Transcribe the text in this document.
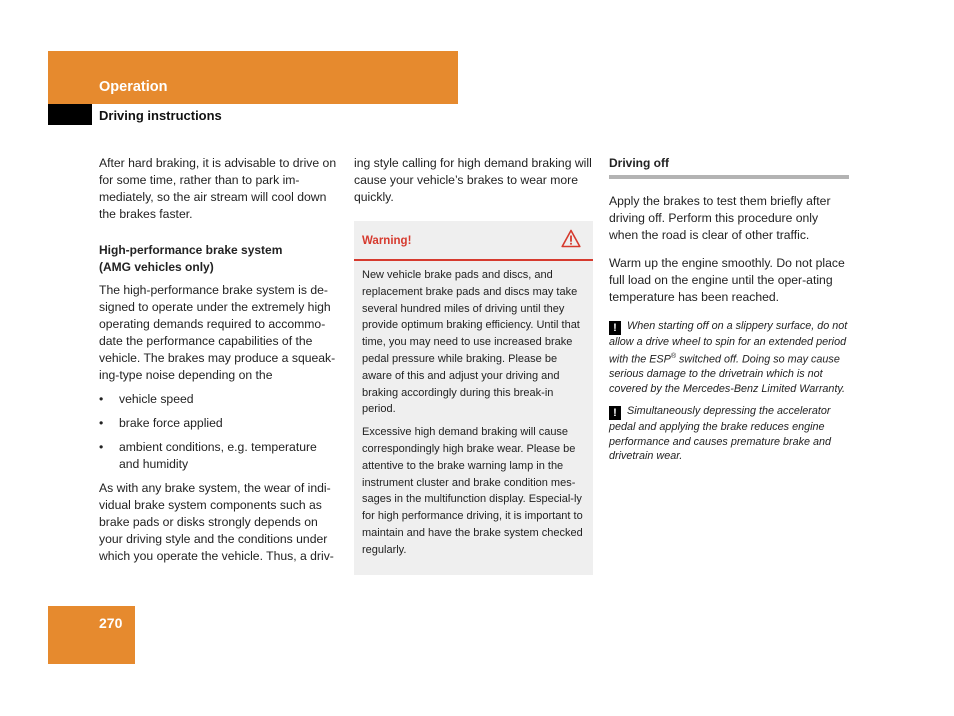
Operation
Driving instructions

After hard braking, it is advisable to drive on for some time, rather than to park im-mediately, so the air stream will cool down the brakes faster.

High-performance brake system
(AMG vehicles only)

The high-performance brake system is de-signed to operate under the extremely high operating demands required to accommo-date the performance capabilities of the vehicle. The brakes may produce a squeak-ing-type noise depending on the

• vehicle speed
• brake force applied
• ambient conditions, e.g. temperature and humidity

As with any brake system, the wear of indi-vidual brake system components such as brake pads or disks strongly depends on your driving style and the conditions under which you operate the vehicle. Thus, a driv-

ing style calling for high demand braking will cause your vehicle’s brakes to wear more quickly.

Warning!

New vehicle brake pads and discs, and replacement brake pads and discs may take several hundred miles of driving until they provide optimum braking efficiency. Until that time, you may need to use increased brake pedal pressure while braking. Please be aware of this and adjust your driving and braking accordingly during this break-in period.

Excessive high demand braking will cause correspondingly high brake wear. Please be attentive to the brake warning lamp in the instrument cluster and brake condition mes-sages in the multifunction display. Especial-ly for high performance driving, it is important to maintain and have the brake system checked regularly.

Driving off

Apply the brakes to test them briefly after driving off. Perform this procedure only when the road is clear of other traffic.

Warm up the engine smoothly. Do not place full load on the engine until the oper-ating temperature has been reached.

! When starting off on a slippery surface, do not allow a drive wheel to spin for an extended period with the ESP® switched off. Doing so may cause serious damage to the drivetrain which is not covered by the Mercedes-Benz Limited Warranty.

! Simultaneously depressing the accelerator pedal and applying the brake reduces engine performance and causes premature brake and drivetrain wear.

270
